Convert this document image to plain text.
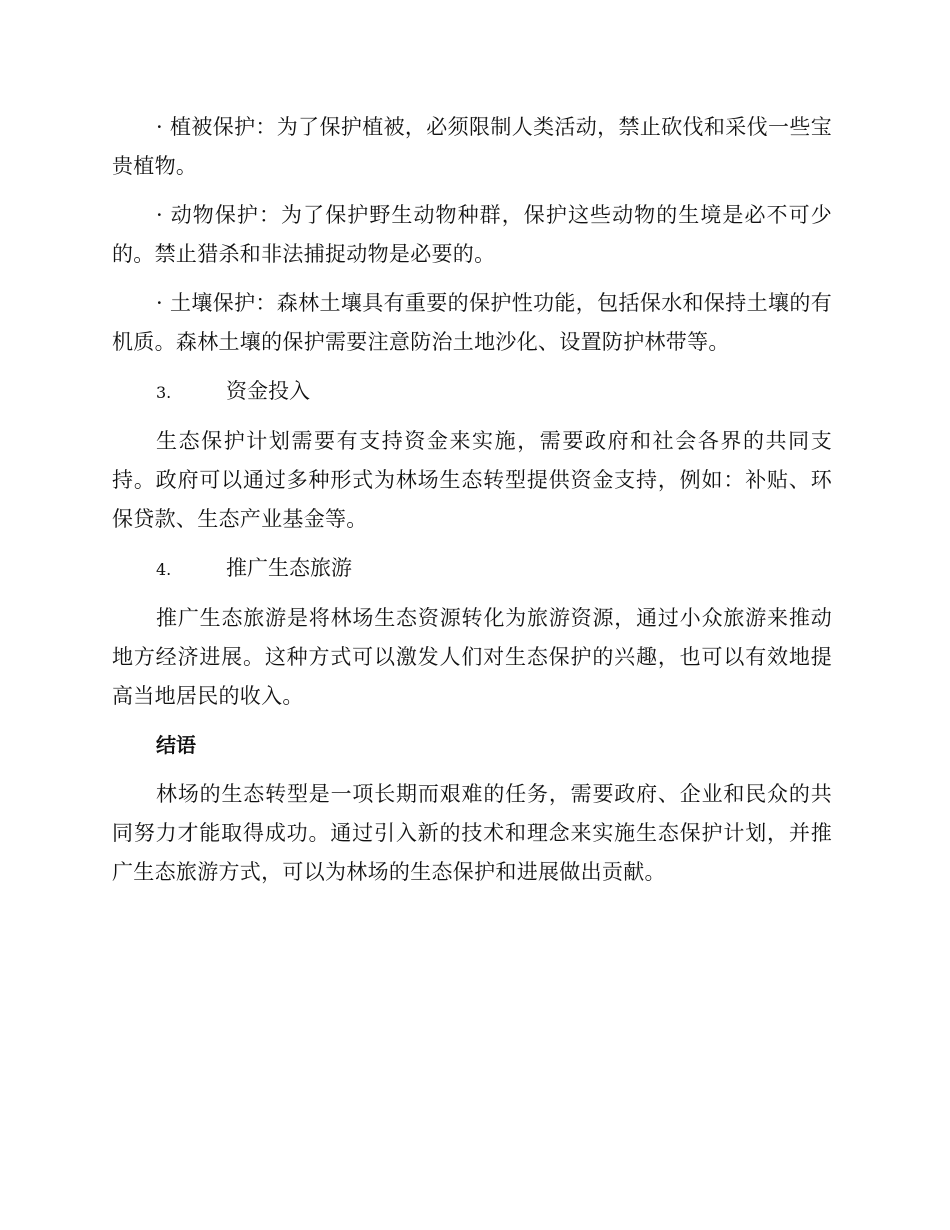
· 植被保护：为了保护植被，必须限制人类活动，禁止砍伐和采伐一些宝贵植物。

· 动物保护：为了保护野生动物种群，保护这些动物的生境是必不可少的。禁止猎杀和非法捕捉动物是必要的。

· 土壤保护：森林土壤具有重要的保护性功能，包括保水和保持土壤的有机质。森林土壤的保护需要注意防治土地沙化、设置防护林带等。

3.	资金投入

生态保护计划需要有支持资金来实施，需要政府和社会各界的共同支持。政府可以通过多种形式为林场生态转型提供资金支持，例如：补贴、环保贷款、生态产业基金等。

4.	推广生态旅游

推广生态旅游是将林场生态资源转化为旅游资源，通过小众旅游来推动地方经济进展。这种方式可以激发人们对生态保护的兴趣，也可以有效地提高当地居民的收入。

结语

林场的生态转型是一项长期而艰难的任务，需要政府、企业和民众的共同努力才能取得成功。通过引入新的技术和理念来实施生态保护计划，并推广生态旅游方式，可以为林场的生态保护和进展做出贡献。
